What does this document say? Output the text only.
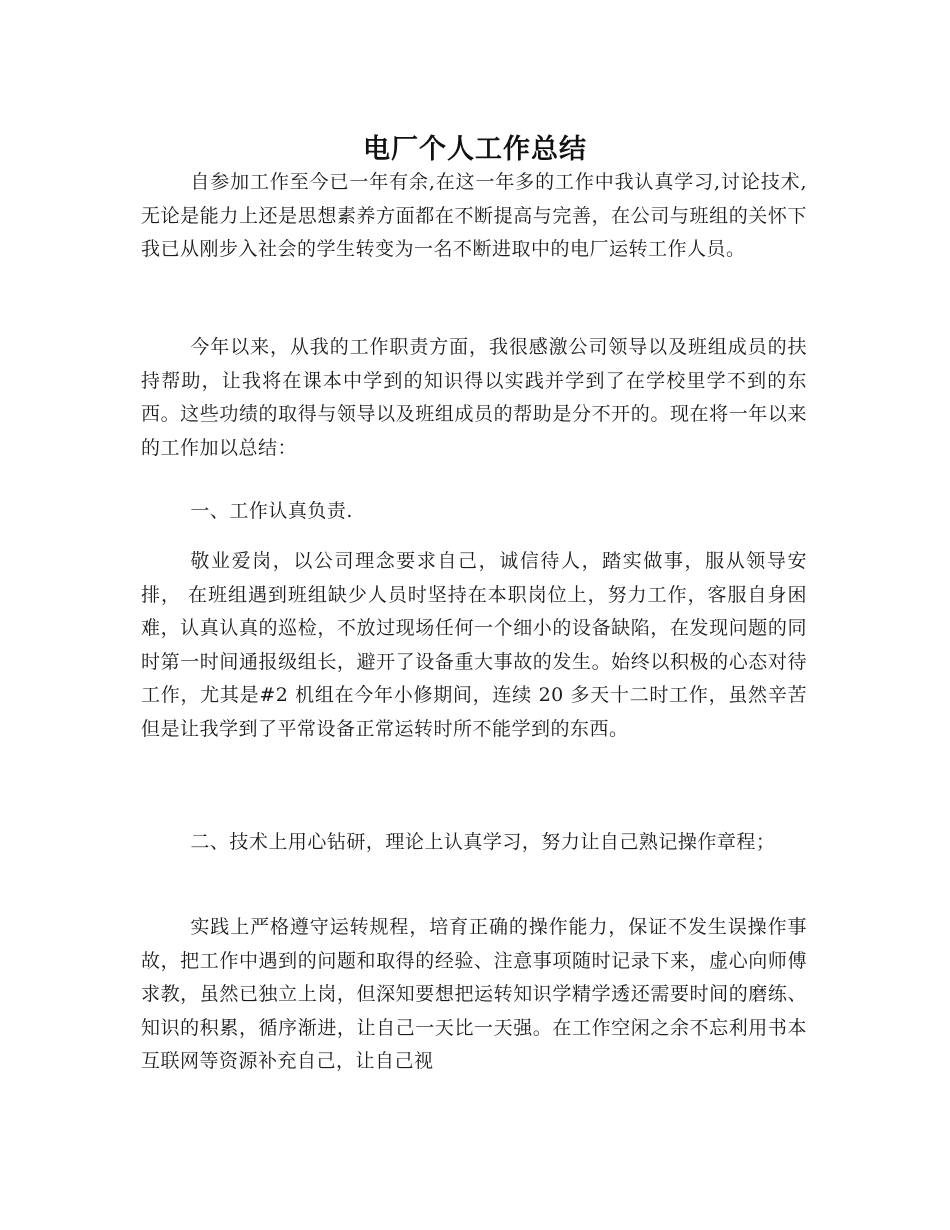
电厂个人工作总结

自参加工作至今已一年有余,在这一年多的工作中我认真学习,讨论技术,无论是能力上还是思想素养方面都在不断提高与完善，在公司与班组的关怀下我已从刚步入社会的学生转变为一名不断进取中的电厂运转工作人员。

今年以来，从我的工作职责方面，我很感激公司领导以及班组成员的扶持帮助，让我将在课本中学到的知识得以实践并学到了在学校里学不到的东西。这些功绩的取得与领导以及班组成员的帮助是分不开的。现在将一年以来的工作加以总结：

一、工作认真负责.

敬业爱岗，以公司理念要求自己，诚信待人，踏实做事，服从领导安排， 在班组遇到班组缺少人员时坚持在本职岗位上，努力工作，客服自身困难，认真认真的巡检，不放过现场任何一个细小的设备缺陷，在发现问题的同时第一时间通报级组长，避开了设备重大事故的发生。始终以积极的心态对待工作，尤其是#2 机组在今年小修期间，连续 20 多天十二时工作，虽然辛苦但是让我学到了平常设备正常运转时所不能学到的东西。

二、技术上用心钻研，理论上认真学习，努力让自己熟记操作章程；

实践上严格遵守运转规程，培育正确的操作能力，保证不发生误操作事故，把工作中遇到的问题和取得的经验、注意事项随时记录下来，虚心向师傅求教，虽然已独立上岗，但深知要想把运转知识学精学透还需要时间的磨练、知识的积累，循序渐进，让自己一天比一天强。在工作空闲之余不忘利用书本互联网等资源补充自己，让自己视
